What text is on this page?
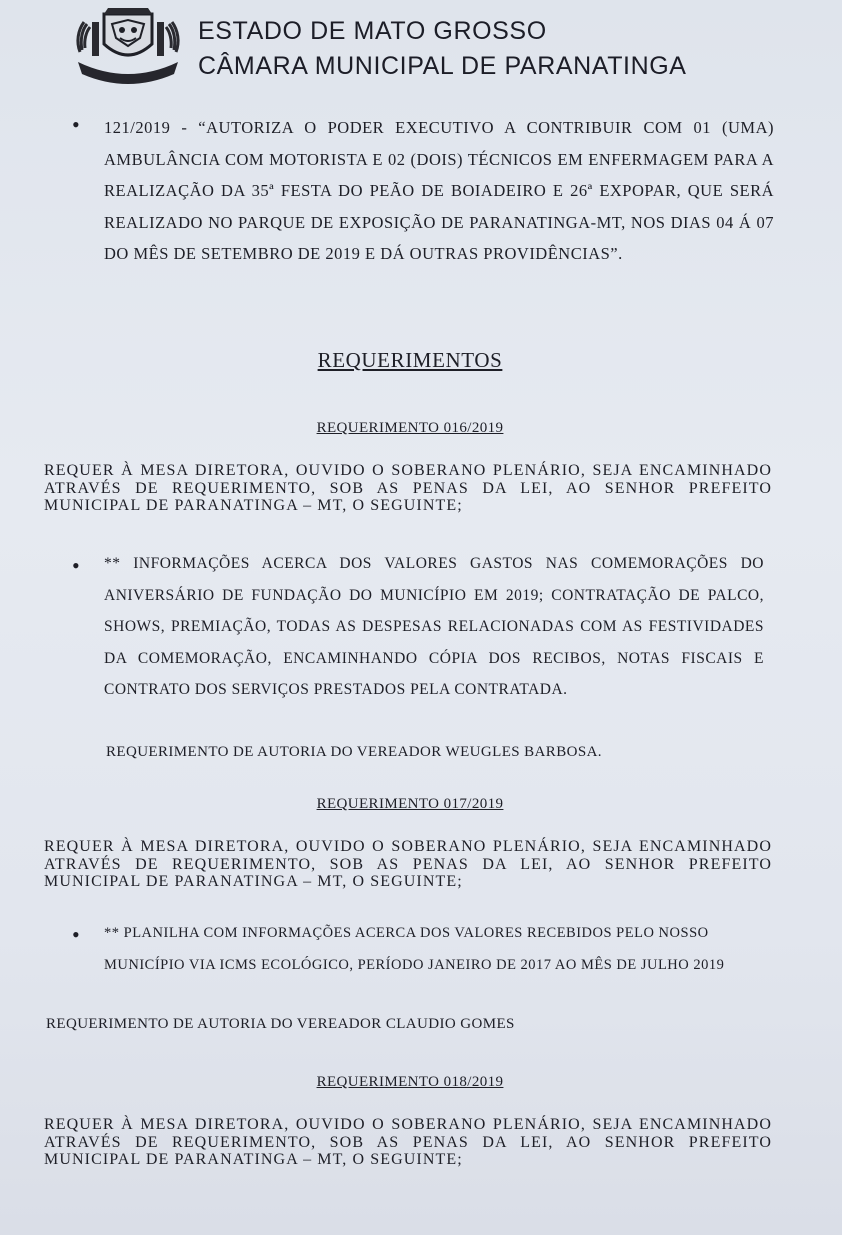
ESTADO DE MATO GROSSO
CÂMARA MUNICIPAL DE PARANATINGA
• 121/2019 - “AUTORIZA O PODER EXECUTIVO A CONTRIBUIR COM 01 (UMA) AMBULÂNCIA COM MOTORISTA E 02 (DOIS) TÉCNICOS EM ENFERMAGEM PARA A REALIZAÇÃO DA 35ª FESTA DO PEÃO DE BOIADEIRO E 26ª EXPOPAR, QUE SERÁ REALIZADO NO PARQUE DE EXPOSIÇÃO DE PARANATINGA-MT, NOS DIAS 04 Á 07 DO MÊS DE SETEMBRO DE 2019 E DÁ OUTRAS PROVIDÊNCIAS”.
REQUERIMENTOS
REQUERIMENTO 016/2019
REQUER À MESA DIRETORA, OUVIDO O SOBERANO PLENÁRIO, SEJA ENCAMINHADO ATRAVÉS DE REQUERIMENTO, SOB AS PENAS DA LEI, AO SENHOR PREFEITO MUNICIPAL DE PARANATINGA – MT, O SEGUINTE;
• ** INFORMAÇÕES ACERCA DOS VALORES GASTOS NAS COMEMORAÇÕES DO ANIVERSÁRIO DE FUNDAÇÃO DO MUNICÍPIO EM 2019; CONTRATAÇÃO DE PALCO, SHOWS, PREMIAÇÃO, TODAS AS DESPESAS RELACIONADAS COM AS FESTIVIDADES DA COMEMORAÇÃO, ENCAMINHANDO CÓPIA DOS RECIBOS, NOTAS FISCAIS E CONTRATO DOS SERVIÇOS PRESTADOS PELA CONTRATADA.
REQUERIMENTO DE AUTORIA DO VEREADOR WEUGLES BARBOSA.
REQUERIMENTO 017/2019
REQUER À MESA DIRETORA, OUVIDO O SOBERANO PLENÁRIO, SEJA ENCAMINHADO ATRAVÉS DE REQUERIMENTO, SOB AS PENAS DA LEI, AO SENHOR PREFEITO MUNICIPAL DE PARANATINGA – MT, O SEGUINTE;
• ** PLANILHA COM INFORMAÇÕES ACERCA DOS VALORES RECEBIDOS PELO NOSSO MUNICÍPIO VIA ICMS ECOLÓGICO, PERÍODO JANEIRO DE 2017 AO MÊS DE JULHO 2019
REQUERIMENTO DE AUTORIA DO VEREADOR CLAUDIO GOMES
REQUERIMENTO 018/2019
REQUER À MESA DIRETORA, OUVIDO O SOBERANO PLENÁRIO, SEJA ENCAMINHADO ATRAVÉS DE REQUERIMENTO, SOB AS PENAS DA LEI, AO SENHOR PREFEITO MUNICIPAL DE PARANATINGA – MT, O SEGUINTE;
